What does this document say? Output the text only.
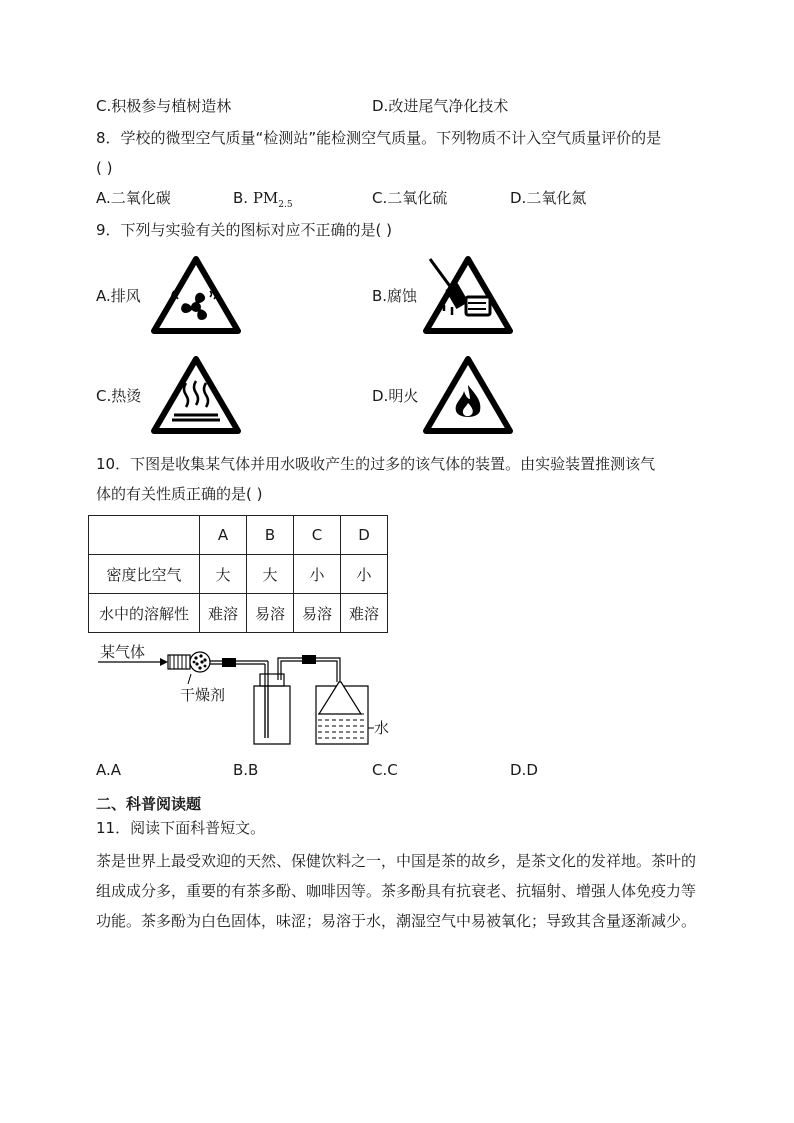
C.积极参与植树造林	D.改进尾气净化技术
8．学校的微型空气质量“检测站”能检测空气质量。下列物质不计入空气质量评价的是
( )
A.二氧化碳	B. $PM_{2.5}$	C.二氧化硫	D.二氧化氮
9．下列与实验有关的图标对应不正确的是( )
A.排风	B.腐蚀
C.热烫	D.明火
10．下图是收集某气体并用水吸收产生的过多的该气体的装置。由实验装置推测该气
体的有关性质正确的是( )
	A	B	C	D
密度比空气	大	大	小	小
水中的溶解性	难溶	易溶	易溶	难溶
某气体
干燥剂
水
A.A	B.B	C.C	D.D
二、科普阅读题
11．阅读下面科普短文。
茶是世界上最受欢迎的天然、保健饮料之一，中国是茶的故乡，是茶文化的发祥地。茶叶的组成成分多，重要的有茶多酚、咖啡因等。茶多酚具有抗衰老、抗辐射、增强人体免疫力等功能。茶多酚为白色固体，味涩；易溶于水，潮湿空气中易被氧化；导致其含量逐渐减少。
